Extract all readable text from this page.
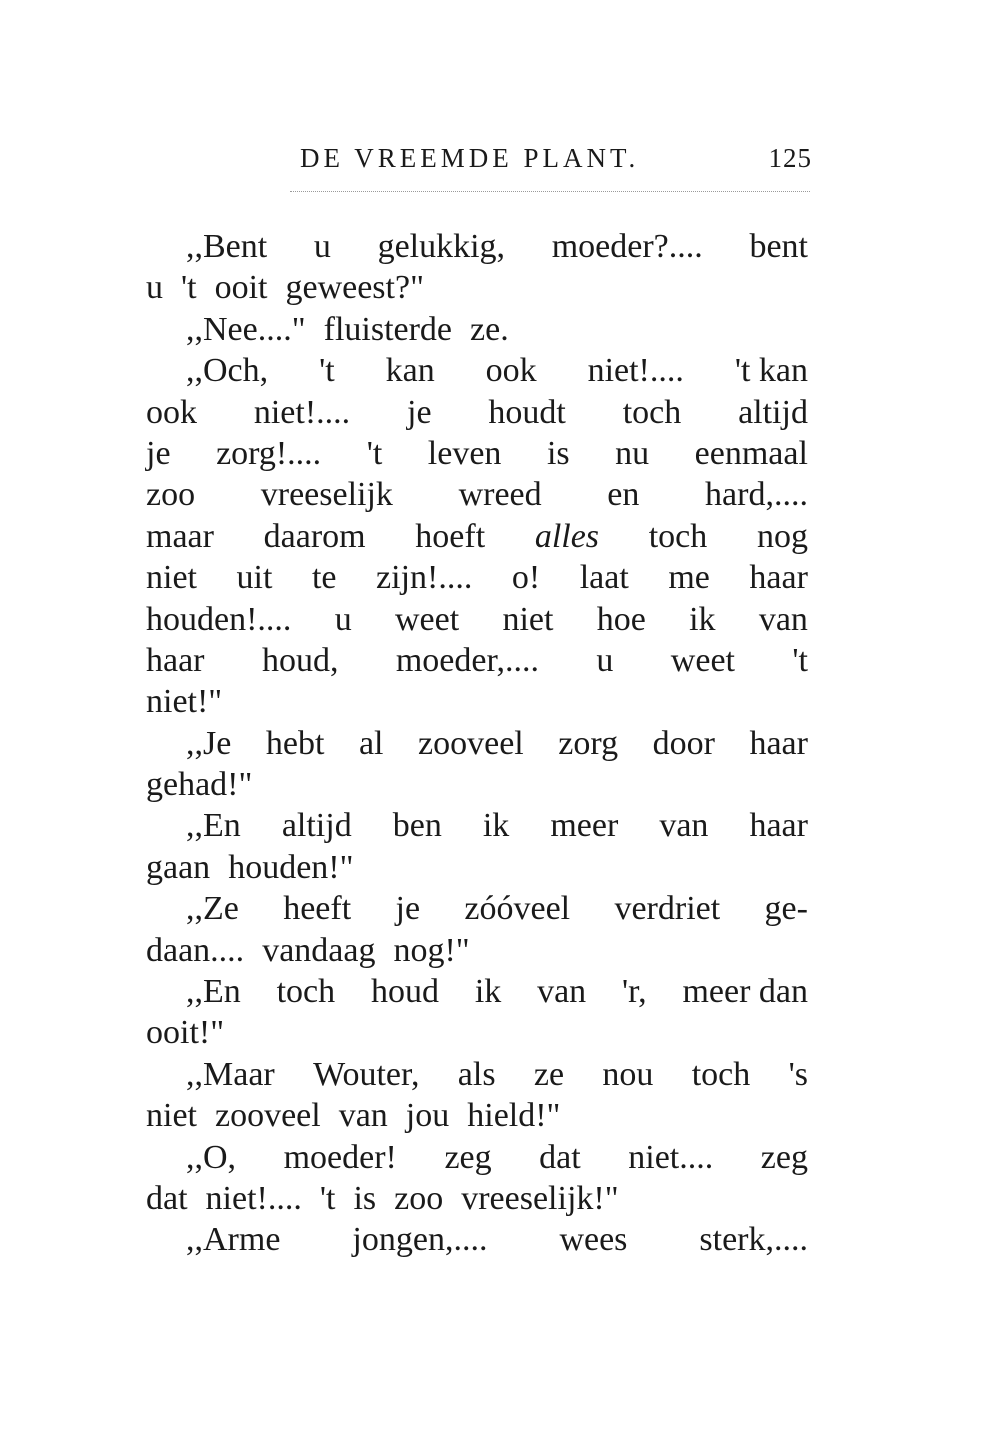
DE VREEMDE PLANT.	125
,,Bent u gelukkig, moeder?.... bent
u 't ooit geweest?"
,,Nee...." fluisterde ze.
,,Och, 't kan ook niet!.... 't kan
ook niet!.... je houdt toch altijd
je zorg!.... 't leven is nu eenmaal
zoo vreeselijk wreed en hard,....
maar daarom hoeft alles toch nog
niet uit te zijn!.... o! laat me haar
houden!.... u weet niet hoe ik van
haar houd, moeder,.... u weet 't
niet!"
,,Je hebt al zooveel zorg door haar
gehad!"
,,En altijd ben ik meer van haar
gaan houden!"
,,Ze heeft je zóóveel verdriet ge-
daan.... vandaag nog!"
,,En toch houd ik van 'r, meer dan
ooit!"
,,Maar Wouter, als ze nou toch 's
niet zooveel van jou hield!"
,,O, moeder! zeg dat niet.... zeg
dat niet!.... 't is zoo vreeselijk!"
,,Arme jongen,.... wees sterk,....
